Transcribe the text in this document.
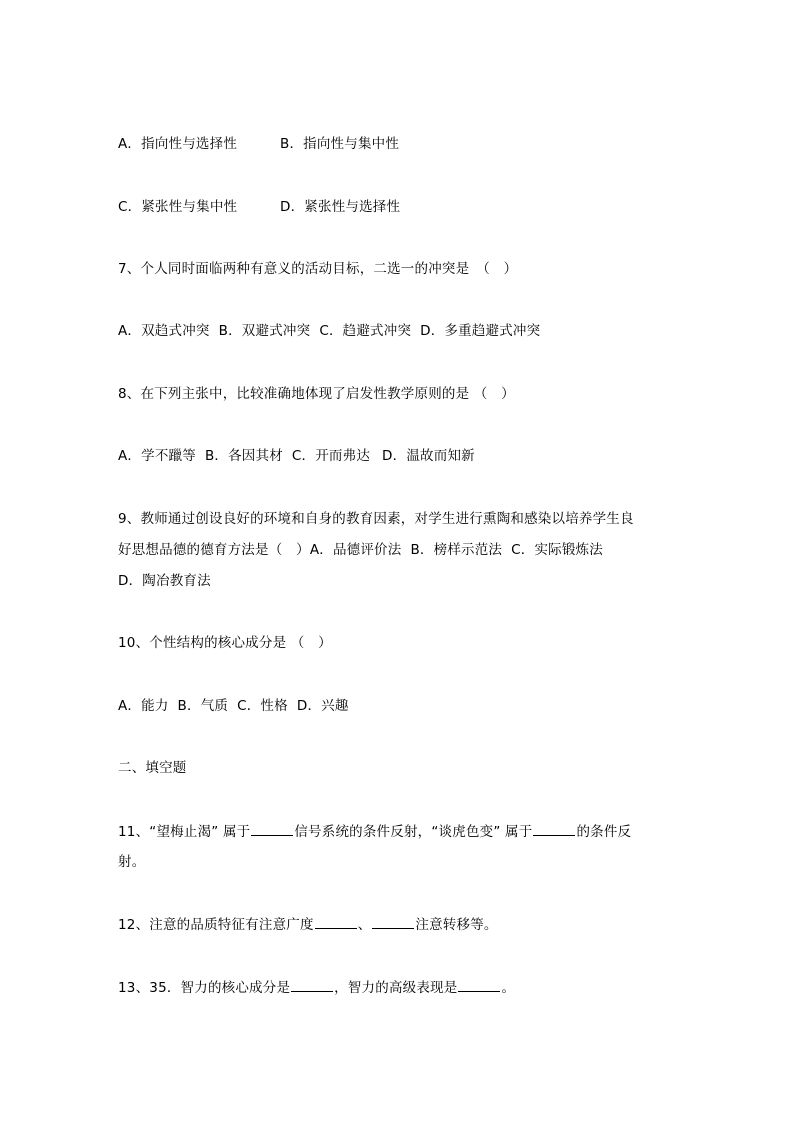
A．指向性与选择性	B．指向性与集中性
C．紧张性与集中性	D．紧张性与选择性
7、个人同时面临两种有意义的活动目标，二选一的冲突是　（　）
A．双趋式冲突 B．双避式冲突 C．趋避式冲突 D．多重趋避式冲突
8、在下列主张中，比较准确地体现了启发性教学原则的是 （　）
A．学不躐等 B．各因其材 C．开而弗达 D．温故而知新
9、教师通过创设良好的环境和自身的教育因素，对学生进行熏陶和感染以培养学生良
好思想品德的德育方法是（　）A．品德评价法 B．榜样示范法 C．实际锻炼法
D．陶冶教育法
10、个性结构的核心成分是 （　）
A．能力 B．气质 C．性格 D．兴趣
二、填空题
11、“望梅止渴” 属于	信号系统的条件反射，“谈虎色变” 属于	的条件反
射。
12、注意的品质特征有注意广度	、	注意转移等。
13、35．智力的核心成分是	，智力的高级表现是	。
